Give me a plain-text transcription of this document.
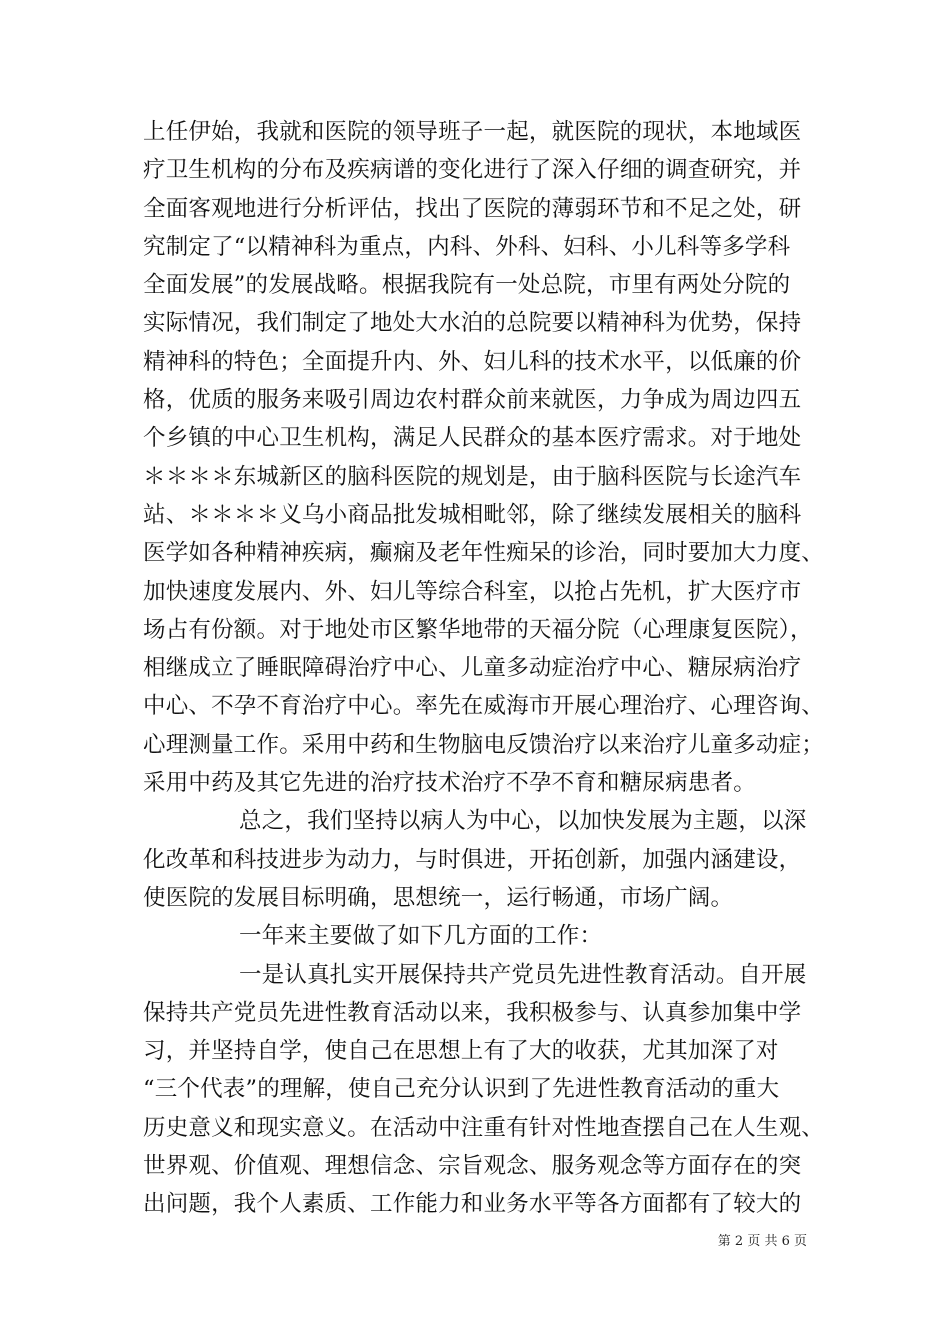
上任伊始，我就和医院的领导班子一起，就医院的现状，本地域医
疗卫生机构的分布及疾病谱的变化进行了深入仔细的调查研究，并
全面客观地进行分析评估，找出了医院的薄弱环节和不足之处，研
究制定了“以精神科为重点，内科、外科、妇科、小儿科等多学科
全面发展”的发展战略。根据我院有一处总院，市里有两处分院的
实际情况，我们制定了地处大水泊的总院要以精神科为优势，保持
精神科的特色；全面提升内、外、妇儿科的技术水平，以低廉的价
格，优质的服务来吸引周边农村群众前来就医，力争成为周边四五
个乡镇的中心卫生机构，满足人民群众的基本医疗需求。对于地处
＊＊＊＊东城新区的脑科医院的规划是，由于脑科医院与长途汽车
站、＊＊＊＊义乌小商品批发城相毗邻，除了继续发展相关的脑科
医学如各种精神疾病，癫痫及老年性痴呆的诊治，同时要加大力度、
加快速度发展内、外、妇儿等综合科室，以抢占先机，扩大医疗市
场占有份额。对于地处市区繁华地带的天福分院（心理康复医院），
相继成立了睡眠障碍治疗中心、儿童多动症治疗中心、糖尿病治疗
中心、不孕不育治疗中心。率先在威海市开展心理治疗、心理咨询、
心理测量工作。采用中药和生物脑电反馈治疗以来治疗儿童多动症；
采用中药及其它先进的治疗技术治疗不孕不育和糖尿病患者。
总之，我们坚持以病人为中心，以加快发展为主题，以深
化改革和科技进步为动力，与时俱进，开拓创新，加强内涵建设，
使医院的发展目标明确，思想统一，运行畅通，市场广阔。
一年来主要做了如下几方面的工作：
一是认真扎实开展保持共产党员先进性教育活动。自开展
保持共产党员先进性教育活动以来，我积极参与、认真参加集中学
习，并坚持自学，使自己在思想上有了大的收获，尤其加深了对
“三个代表”的理解，使自己充分认识到了先进性教育活动的重大
历史意义和现实意义。在活动中注重有针对性地查摆自己在人生观、
世界观、价值观、理想信念、宗旨观念、服务观念等方面存在的突
出问题，我个人素质、工作能力和业务水平等各方面都有了较大的
第 2 页 共 6 页
